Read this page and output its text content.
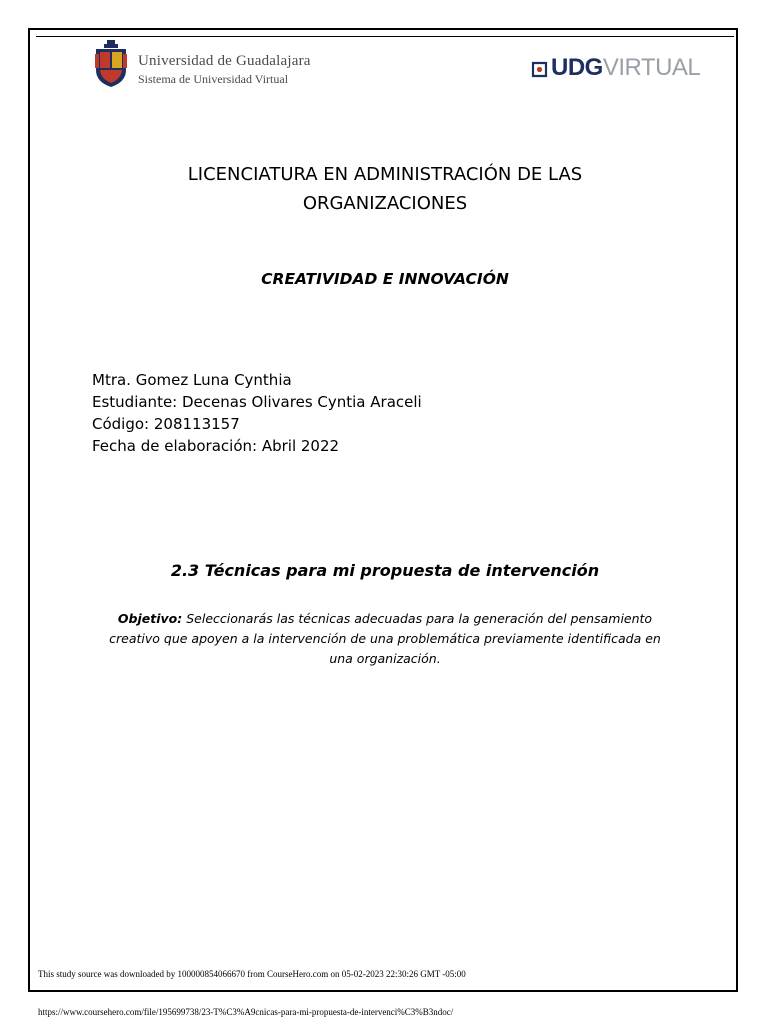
Universidad de Guadalajara
Sistema de Universidad Virtual	UDGVIRTUAL
LICENCIATURA EN ADMINISTRACIÓN DE LAS
ORGANIZACIONES
CREATIVIDAD E INNOVACIÓN
Mtra. Gomez Luna Cynthia
Estudiante: Decenas Olivares Cyntia Araceli
Código: 208113157
Fecha de elaboración: Abril 2022
2.3 Técnicas para mi propuesta de intervención
Objetivo: Seleccionarás las técnicas adecuadas para la generación del pensamiento creativo que apoyen a la intervención de una problemática previamente identificada en una organización.
This study source was downloaded by 100000854066670 from CourseHero.com on 05-02-2023 22:30:26 GMT -05:00
https://www.coursehero.com/file/195699738/23-T%C3%A9cnicas-para-mi-propuesta-de-intervenci%C3%B3ndoc/
